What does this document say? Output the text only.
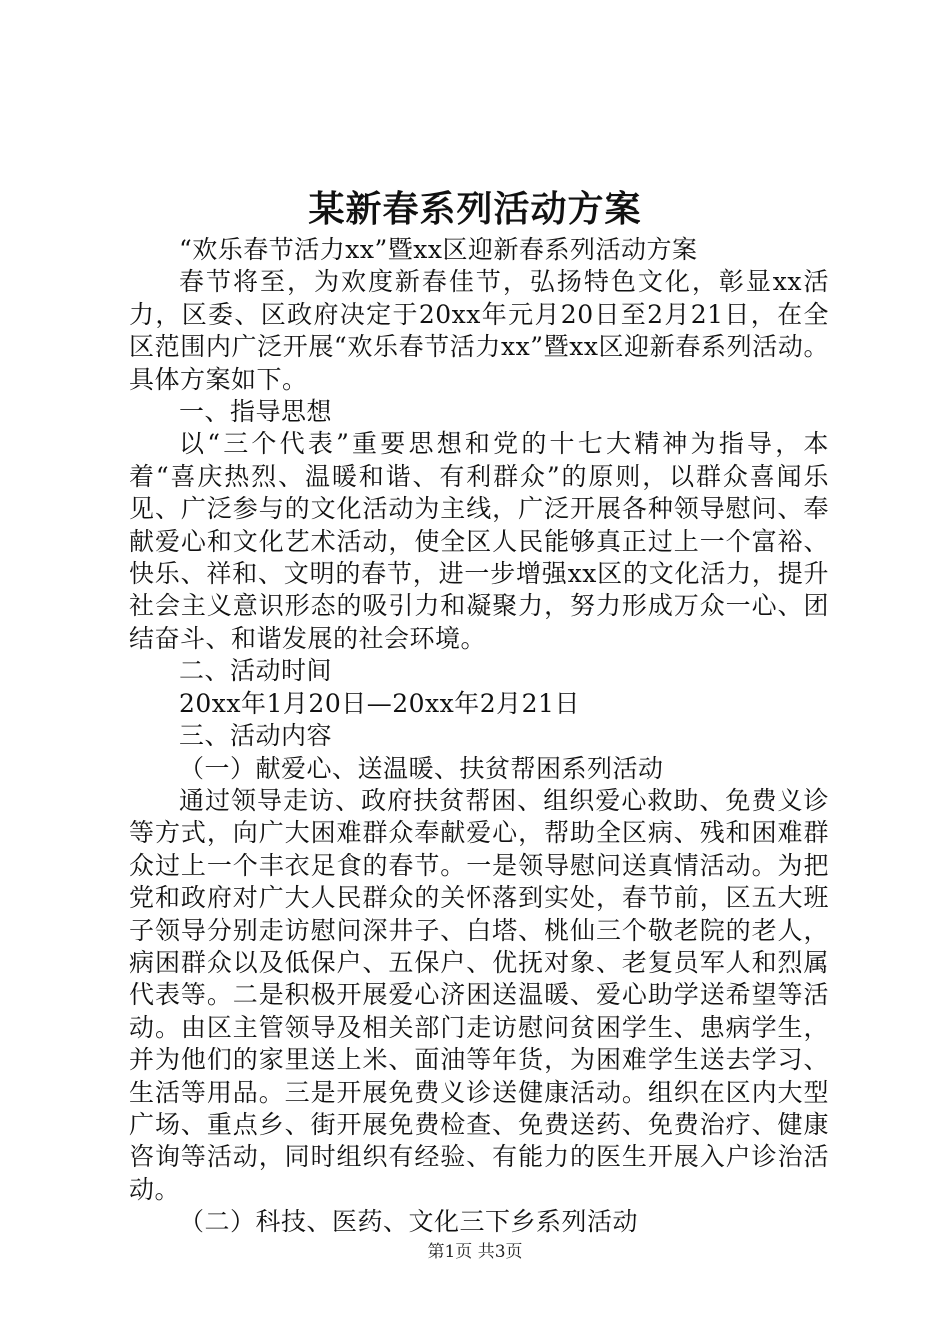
某新春系列活动方案

“欢乐春节活力xx”暨xx区迎新春系列活动方案

春节将至，为欢度新春佳节，弘扬特色文化，彰显xx活力，区委、区政府决定于20xx年元月20日至2月21日，在全区范围内广泛开展“欢乐春节活力xx”暨xx区迎新春系列活动。具体方案如下。

一、指导思想

以“三个代表”重要思想和党的十七大精神为指导，本着“喜庆热烈、温暖和谐、有利群众”的原则，以群众喜闻乐见、广泛参与的文化活动为主线，广泛开展各种领导慰问、奉献爱心和文化艺术活动，使全区人民能够真正过上一个富裕、快乐、祥和、文明的春节，进一步增强xx区的文化活力，提升社会主义意识形态的吸引力和凝聚力，努力形成万众一心、团结奋斗、和谐发展的社会环境。

二、活动时间

20xx年1月20日—20xx年2月21日

三、活动内容

（一）献爱心、送温暖、扶贫帮困系列活动

通过领导走访、政府扶贫帮困、组织爱心救助、免费义诊等方式，向广大困难群众奉献爱心，帮助全区病、残和困难群众过上一个丰衣足食的春节。一是领导慰问送真情活动。为把党和政府对广大人民群众的关怀落到实处，春节前，区五大班子领导分别走访慰问深井子、白塔、桃仙三个敬老院的老人，病困群众以及低保户、五保户、优抚对象、老复员军人和烈属代表等。二是积极开展爱心济困送温暖、爱心助学送希望等活动。由区主管领导及相关部门走访慰问贫困学生、患病学生，并为他们的家里送上米、面油等年货，为困难学生送去学习、生活等用品。三是开展免费义诊送健康活动。组织在区内大型广场、重点乡、街开展免费检查、免费送药、免费治疗、健康咨询等活动，同时组织有经验、有能力的医生开展入户诊治活动。

（二）科技、医药、文化三下乡系列活动

第1页 共3页
